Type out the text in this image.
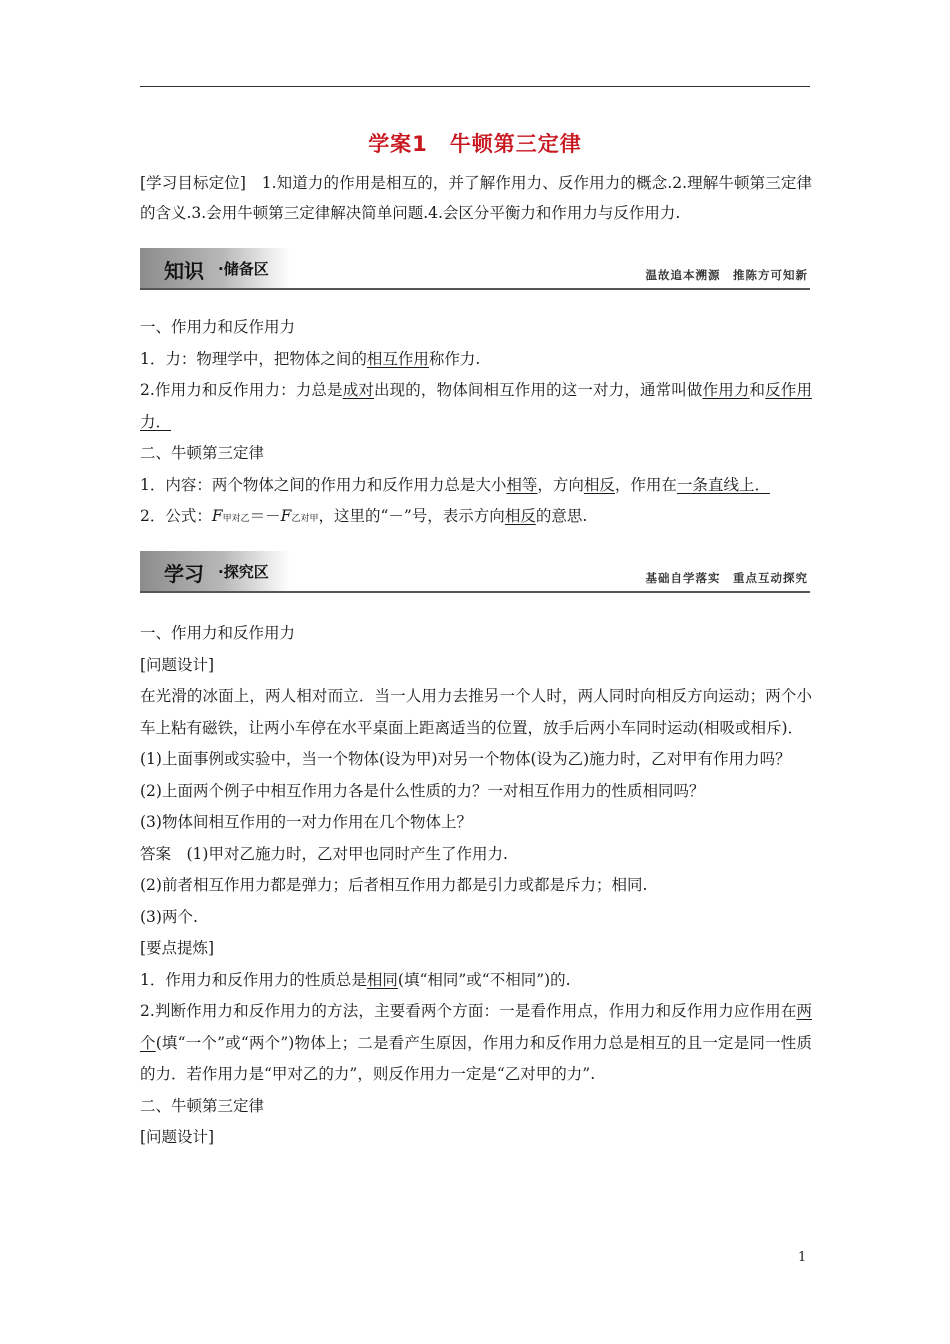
学案1　牛顿第三定律
[学习目标定位]　1.知道力的作用是相互的，并了解作用力、反作用力的概念.2.理解牛顿第三定律的含义.3.会用牛顿第三定律解决简单问题.4.会区分平衡力和作用力与反作用力.
知识 ·储备区	温故追本溯源　推陈方可知新

一、作用力和反作用力

1．力：物理学中，把物体之间的相互作用称作力.

2.作用力和反作用力：力总是成对出现的，物体间相互作用的这一对力，通常叫做作用力和反作用力．

二、牛顿第三定律

1．内容：两个物体之间的作用力和反作用力总是大小相等，方向相反，作用在一条直线上．

2．公式：F甲对乙＝－F乙对甲，这里的“－”号，表示方向相反的意思.

学习 ·探究区	基础自学落实　重点互动探究

一、作用力和反作用力

[问题设计]

在光滑的冰面上，两人相对而立．当一人用力去推另一个人时，两人同时向相反方向运动；两个小车上粘有磁铁，让两小车停在水平桌面上距离适当的位置，放手后两小车同时运动(相吸或相斥)．

(1)上面事例或实验中，当一个物体(设为甲)对另一个物体(设为乙)施力时，乙对甲有作用力吗？

(2)上面两个例子中相互作用力各是什么性质的力？一对相互作用力的性质相同吗？

(3)物体间相互作用的一对力作用在几个物体上？

答案　(1)甲对乙施力时，乙对甲也同时产生了作用力.

(2)前者相互作用力都是弹力；后者相互作用力都是引力或都是斥力；相同.

(3)两个.

[要点提炼]

1．作用力和反作用力的性质总是相同(填“相同”或“不相同”)的.

2.判断作用力和反作用力的方法，主要看两个方面：一是看作用点，作用力和反作用力应作用在两个(填“一个”或“两个”)物体上；二是看产生原因，作用力和反作用力总是相互的且一定是同一性质的力．若作用力是“甲对乙的力”，则反作用力一定是“乙对甲的力”.

二、牛顿第三定律

[问题设计]

1
